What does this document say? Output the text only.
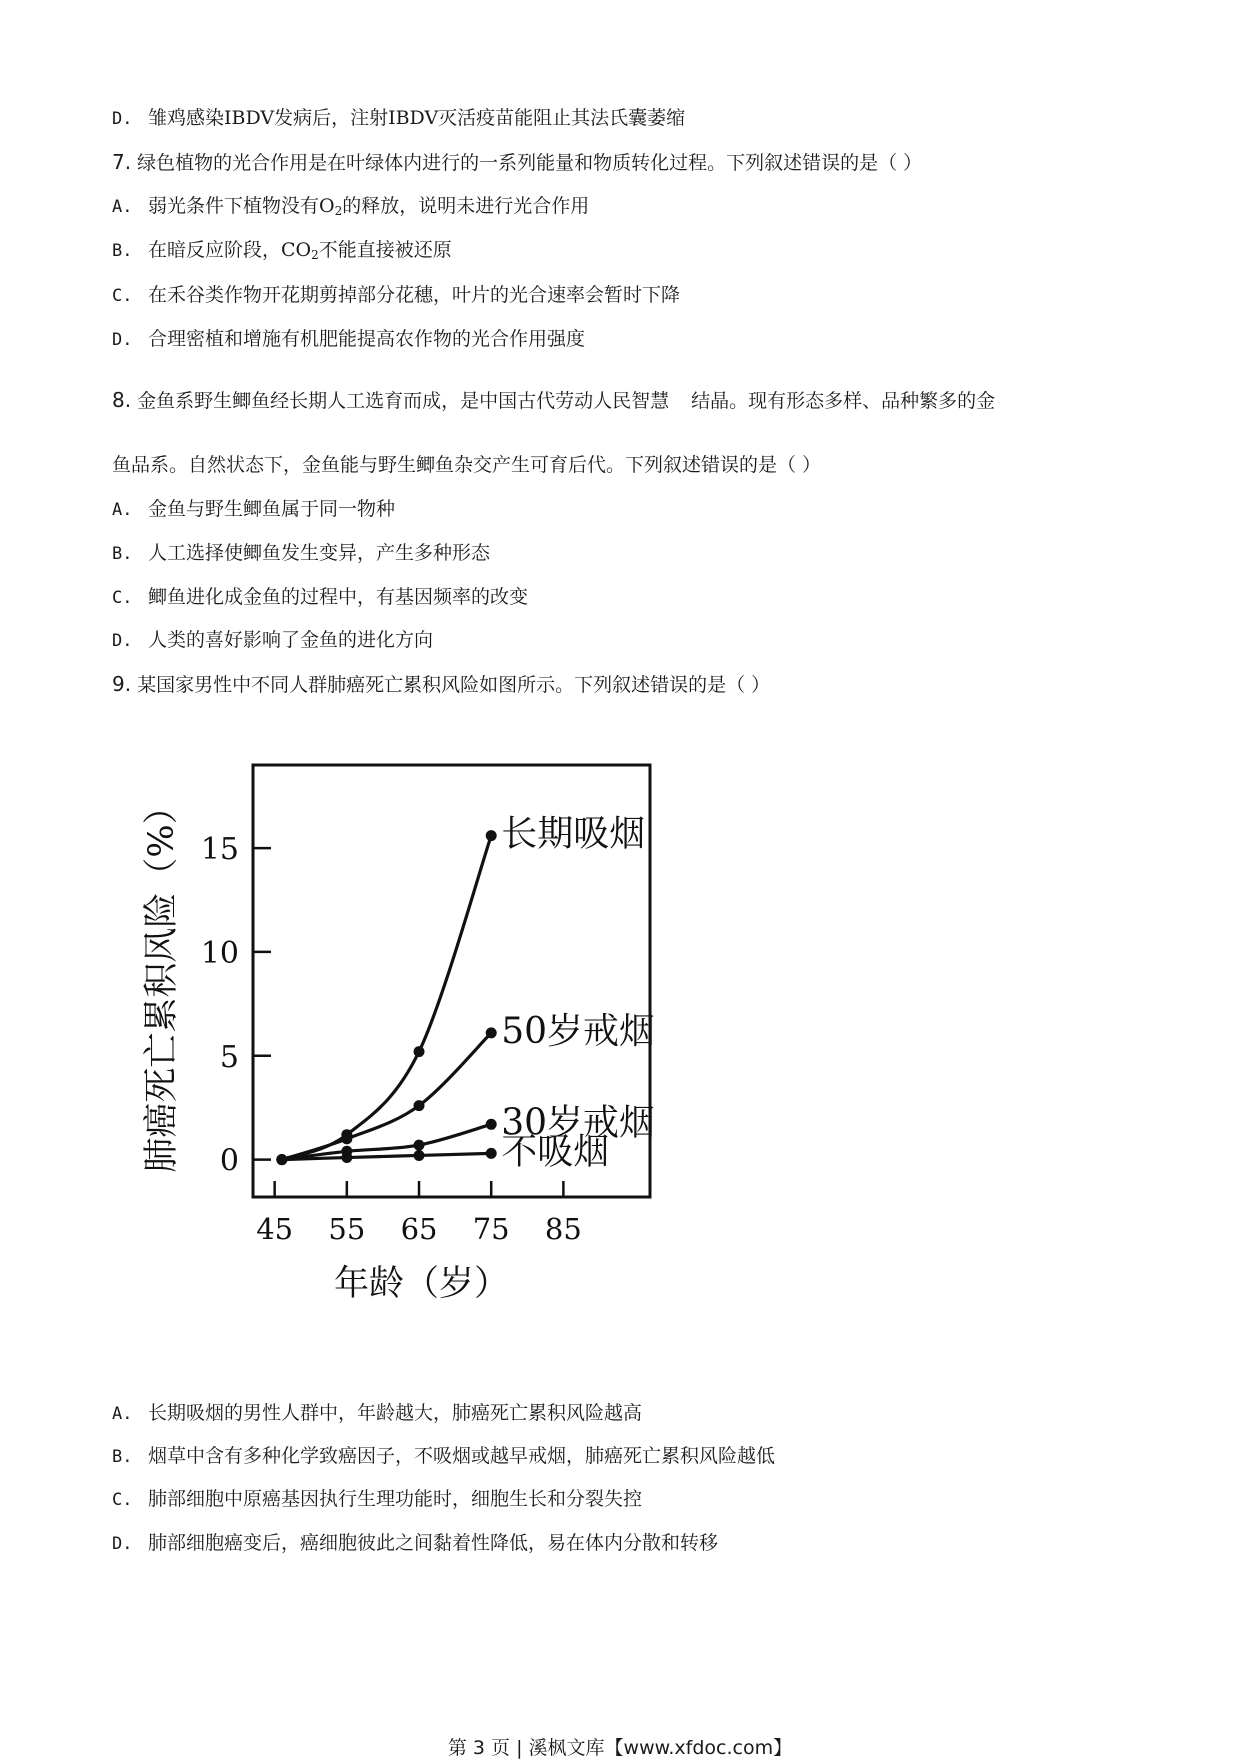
D. 雏鸡感染IBDV发病后，注射IBDV灭活疫苗能阻止其法氏囊萎缩
7. 绿色植物的光合作用是在叶绿体内进行的一系列能量和物质转化过程。下列叙述错误的是（ ）
A. 弱光条件下植物没有$O_2$的释放，说明未进行光合作用
B. 在暗反应阶段，$CO_2$不能直接被还原
C. 在禾谷类作物开花期剪掉部分花穗，叶片的光合速率会暂时下降
D. 合理密植和增施有机肥能提高农作物的光合作用强度
8. 金鱼系野生鲫鱼经长期人工选育而成，是中国古代劳动人民智慧 结晶。现有形态多样、品种繁多的金
鱼品系。自然状态下，金鱼能与野生鲫鱼杂交产生可育后代。下列叙述错误的是（ ）
A. 金鱼与野生鲫鱼属于同一物种
B. 人工选择使鲫鱼发生变异，产生多种形态
C. 鲫鱼进化成金鱼的过程中，有基因频率的改变
D. 人类的喜好影响了金鱼的进化方向
9. 某国家男性中不同人群肺癌死亡累积风险如图所示。下列叙述错误的是（ ）
0
5
10
15
45 55 65 75 85
年龄（岁）
肺癌死亡累积风险（%）	长期吸烟
50岁戒烟
30岁戒烟
不吸烟
A. 长期吸烟的男性人群中，年龄越大，肺癌死亡累积风险越高
B. 烟草中含有多种化学致癌因子，不吸烟或越早戒烟，肺癌死亡累积风险越低
C. 肺部细胞中原癌基因执行生理功能时，细胞生长和分裂失控
D. 肺部细胞癌变后，癌细胞彼此之间黏着性降低，易在体内分散和转移
第 3 页 | 溪枫文库【www.xfdoc.com】
